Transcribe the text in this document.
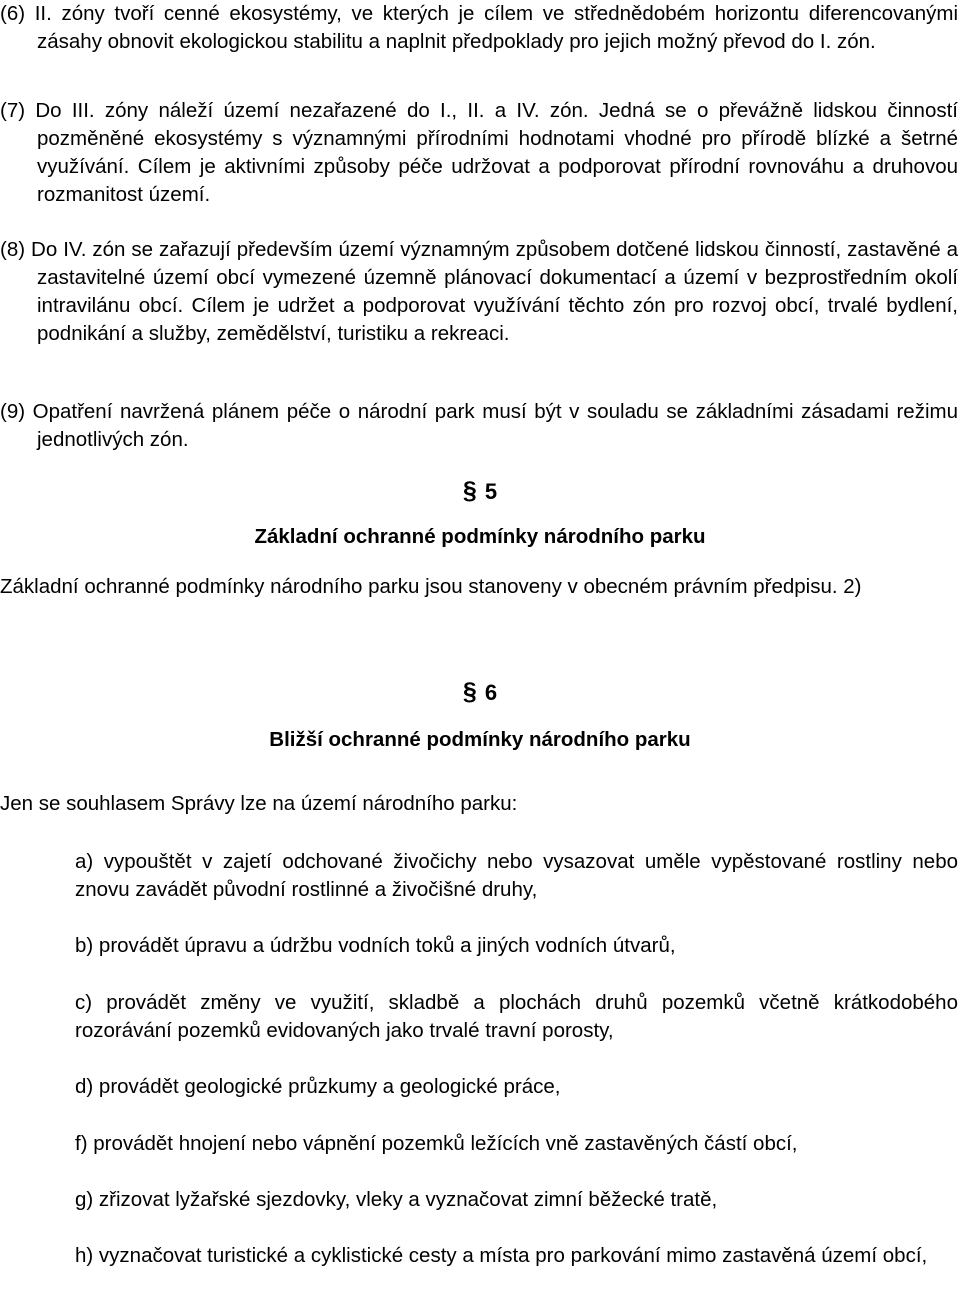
(6) II. zóny tvoří cenné ekosystémy, ve kterých je cílem ve střednědobém horizontu diferencovanými zásahy obnovit ekologickou stabilitu a naplnit předpoklady pro jejich možný převod do I. zón.

(7) Do III. zóny náleží území nezařazené do I., II. a IV. zón. Jedná se o převážně lidskou činností pozměněné ekosystémy s významnými přírodními hodnotami vhodné pro přírodě blízké a šetrné využívání. Cílem je aktivními způsoby péče udržovat a podporovat přírodní rovnováhu a druhovou rozmanitost území.

(8) Do IV. zón se zařazují především území významným způsobem dotčené lidskou činností, zastavěné a zastavitelné území obcí vymezené územně plánovací dokumentací a území v bezprostředním okolí intravilánu obcí. Cílem je udržet a podporovat využívání těchto zón pro rozvoj obcí, trvalé bydlení, podnikání a služby, zemědělství, turistiku a rekreaci.

(9) Opatření navržená plánem péče o národní park musí být v souladu se základními zásadami režimu jednotlivých zón.

§ 5
Základní ochranné podmínky národního parku

Základní ochranné podmínky národního parku jsou stanoveny v obecném právním předpisu. 2)

§ 6
Bližší ochranné podmínky národního parku

Jen se souhlasem Správy lze na území národního parku:

a) vypouštět v zajetí odchované živočichy nebo vysazovat uměle vypěstované rostliny nebo znovu zavádět původní rostlinné a živočišné druhy,

b) provádět úpravu a údržbu vodních toků a jiných vodních útvarů,

c) provádět změny ve využití, skladbě a plochách druhů pozemků včetně krátkodobého rozorávání pozemků evidovaných jako trvalé travní porosty,

d) provádět geologické průzkumy a geologické práce,

f) provádět hnojení nebo vápnění pozemků ležících vně zastavěných částí obcí,

g) zřizovat lyžařské sjezdovky, vleky a vyznačovat zimní běžecké tratě,

h) vyznačovat turistické a cyklistické cesty a místa pro parkování mimo zastavěná území obcí,
